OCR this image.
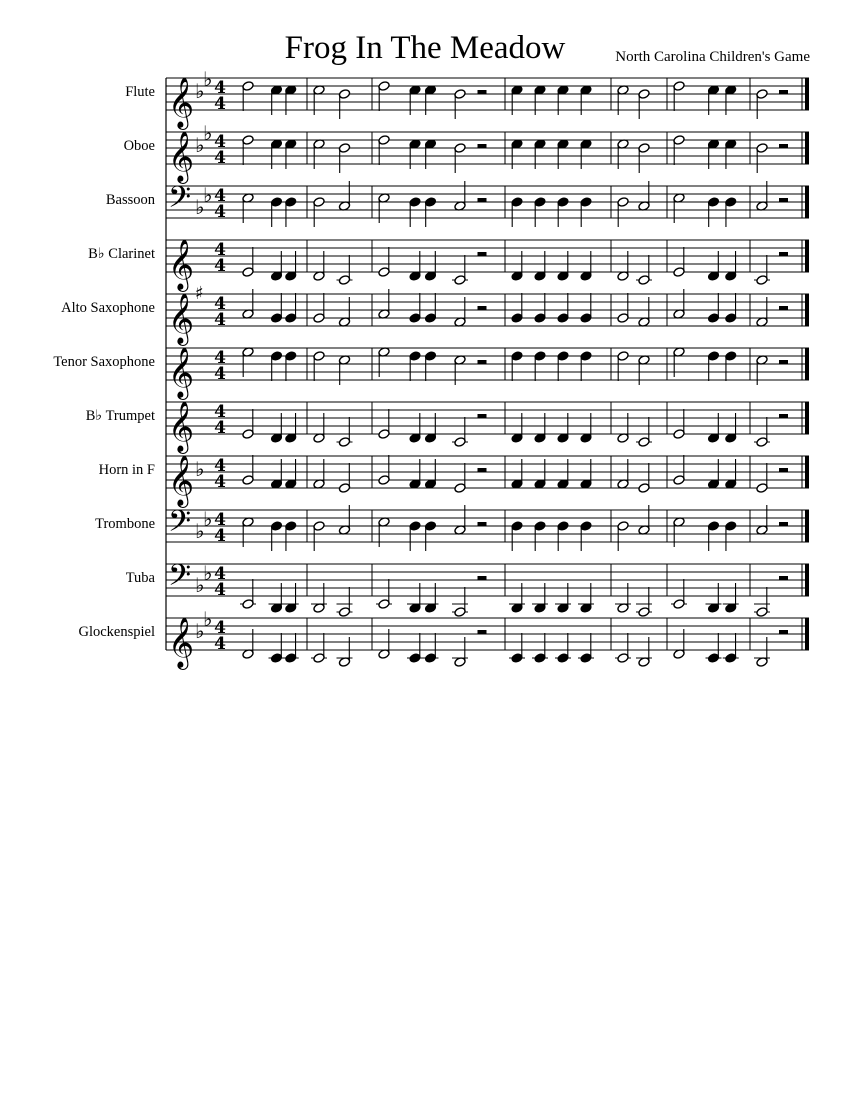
Frog In The Meadow	North Carolina Children's Game
Flute
Oboe
Bassoon
B♭ Clarinet
Alto Saxophone
Tenor Saxophone
B♭ Trumpet
Horn in F
Trombone
Tuba
Glockenspiel
𝄞 ♭
♭ 4
4
𝄞 ♭
♭ 4
4
𝄢 ♭
♭ 4
4
𝄞 4
4
𝄞 ♯ 4
4
𝄞 4
4
𝄞 4
4
𝄞 ♭ 4
4
𝄢 ♭
♭ 4
4
𝄢 ♭
♭ 4
4
𝄞 ♭
♭ 4
4
